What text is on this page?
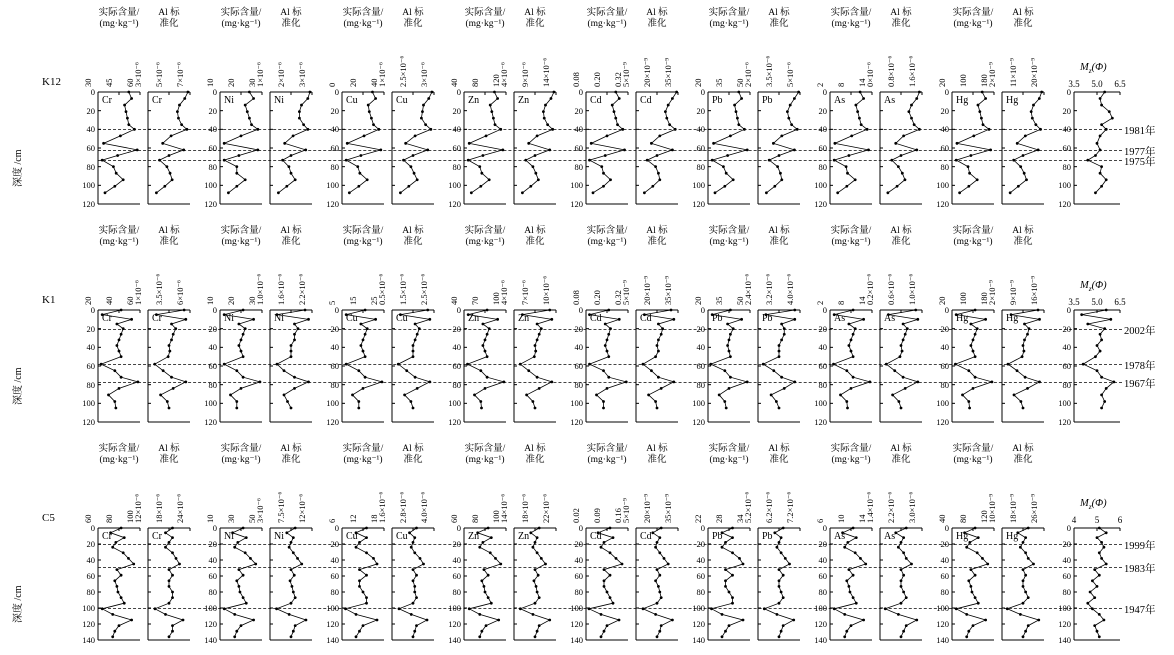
1981年
1977年
1975年
K12
深度 /cm
实际含量/
(mg·kg⁻¹)
Al 标
准化
Cr
30 45 60
0
20
40
60
80
100
120
Cr
3×10⁻⁶ 5×10⁻⁶ 7×10⁻⁶
实际含量/
(mg·kg⁻¹)
Al 标
准化
Ni
10 20 30
0
20
40
60
80
100
120
Ni
1×10⁻⁶ 2×10⁻⁶ 3×10⁻⁶
实际含量/
(mg·kg⁻¹)
Al 标
准化
Cu
0 20 40
0
20
40
60
80
100
120
Cu
1×10⁻⁶ 2.5×10⁻⁶ 3×10⁻⁶
实际含量/
(mg·kg⁻¹)
Al 标
准化
Zn
40 80 120
0
20
40
60
80
100
120
Zn
4×10⁻⁶ 9×10⁻⁶ 14×10⁻⁶
实际含量/
(mg·kg⁻¹)
Al 标
准化
Cd
0.08 0.20 0.32
0
20
40
60
80
100
120
Cd
5×10⁻⁹ 20×10⁻⁹ 35×10⁻⁹
实际含量/
(mg·kg⁻¹)
Al 标
准化
Pb
20 35 50
0
20
40
60
80
100
120
Pb
2×10⁻⁶ 3.5×10⁻⁶ 5×10⁻⁶
实际含量/
(mg·kg⁻¹)
Al 标
准化
As
2 8 14
0
20
40
60
80
100
120
As
0×10⁻⁶ 0.8×10⁻⁶ 1.6×10⁻⁶
实际含量/
(mg·kg⁻¹)
Al 标
准化
Hg
20 100 180
0
20
40
60
80
100
120
Hg
2×10⁻⁹ 11×10⁻⁹ 20×10⁻⁹	$M_z(\Phi)$
3.5	5.0	6.5
0
20
40
60
80
100
120
2002年
1978年
1967年
K1
深度 /cm
实际含量/
(mg·kg⁻¹)
Al 标
准化
Cr
20 40 60
0
20
40
60
80
100
120
Cr
1×10⁻⁶ 3.5×10⁻⁶ 6×10⁻⁶
实际含量/
(mg·kg⁻¹)
Al 标
准化
Ni
10 20 30
0
20
40
60
80
100
120
Ni
1.0×10⁻⁶ 1.6×10⁻⁶ 2.2×10⁻⁶
实际含量/
(mg·kg⁻¹)
Al 标
准化
Cu
5 15 25
0
20
40
60
80
100
120
Cu
0.5×10⁻⁶ 1.5×10⁻⁶ 2.5×10⁻⁶
实际含量/
(mg·kg⁻¹)
Al 标
准化
Zn
40 70 100
0
20
40
60
80
100
120
Zn
4×10⁻⁶ 7×10⁻⁶ 10×10⁻⁶
实际含量/
(mg·kg⁻¹)
Al 标
准化
Cd
0.08 0.20 0.32
0
20
40
60
80
100
120
Cd
5×10⁻⁹ 20×10⁻⁹ 35×10⁻⁹
实际含量/
(mg·kg⁻¹)
Al 标
准化
Pb
20 35 50
0
20
40
60
80
100
120
Pb
2.4×10⁻⁶ 3.2×10⁻⁶ 4.0×10⁻⁶
实际含量/
(mg·kg⁻¹)
Al 标
准化
As
2 8 14
0
20
40
60
80
100
120
As
0.2×10⁻⁶ 0.6×10⁻⁶ 1.0×10⁻⁶
实际含量/
(mg·kg⁻¹)
Al 标
准化
Hg
20 100 180
0
20
40
60
80
100
120
Hg
2×10⁻⁹ 9×10⁻⁹ 16×10⁻⁹	$M_z(\Phi)$
3.5	5.0	6.5
0
20
40
60
80
100
120
1999年
1983年
1947年
C5
深度 /cm
实际含量/
(mg·kg⁻¹)
Al 标
准化
Cr
60 80 100
0
20
40
60
80
100
120
140
Cr
12×10⁻⁶ 18×10⁻⁶ 24×10⁻⁶
实际含量/
(mg·kg⁻¹)
Al 标
准化
Ni
10 30 50
0
20
40
60
80
100
120
140
Ni
3×10⁻⁶ 7.5×10⁻⁶ 12×10⁻⁶
实际含量/
(mg·kg⁻¹)
Al 标
准化
Cu
6 12 18
0
20
40
60
80
100
120
140
Cu
1.6×10⁻⁶ 2.8×10⁻⁶ 4.0×10⁻⁶
实际含量/
(mg·kg⁻¹)
Al 标
准化
Zn
60 80 100
0
20
40
60
80
100
120
140
Zn
14×10⁻⁶ 18×10⁻⁶ 22×10⁻⁶
实际含量/
(mg·kg⁻¹)
Al 标
准化
Cd
0.02 0.09 0.16
0
20
40
60
80
100
120
140
Cd
5×10⁻⁹ 20×10⁻⁹ 35×10⁻⁹
实际含量/
(mg·kg⁻¹)
Al 标
准化
Pb
22 28 34
0
20
40
60
80
100
120
140
Pb
5.2×10⁻⁶ 6.2×10⁻⁶ 7.2×10⁻⁶
实际含量/
(mg·kg⁻¹)
Al 标
准化
As
6 10 14
0
20
40
60
80
100
120
140
As
1.4×10⁻⁶ 2.2×10⁻⁶ 3.0×10⁻⁶
实际含量/
(mg·kg⁻¹)
Al 标
准化
Hg
40 80 120
0
20
40
60
80
100
120
140
Hg
10×10⁻⁹ 18×10⁻⁹ 26×10⁻⁹	$M_z(\Phi)$
4	5	6
0
20
40
60
80
100
120
140
